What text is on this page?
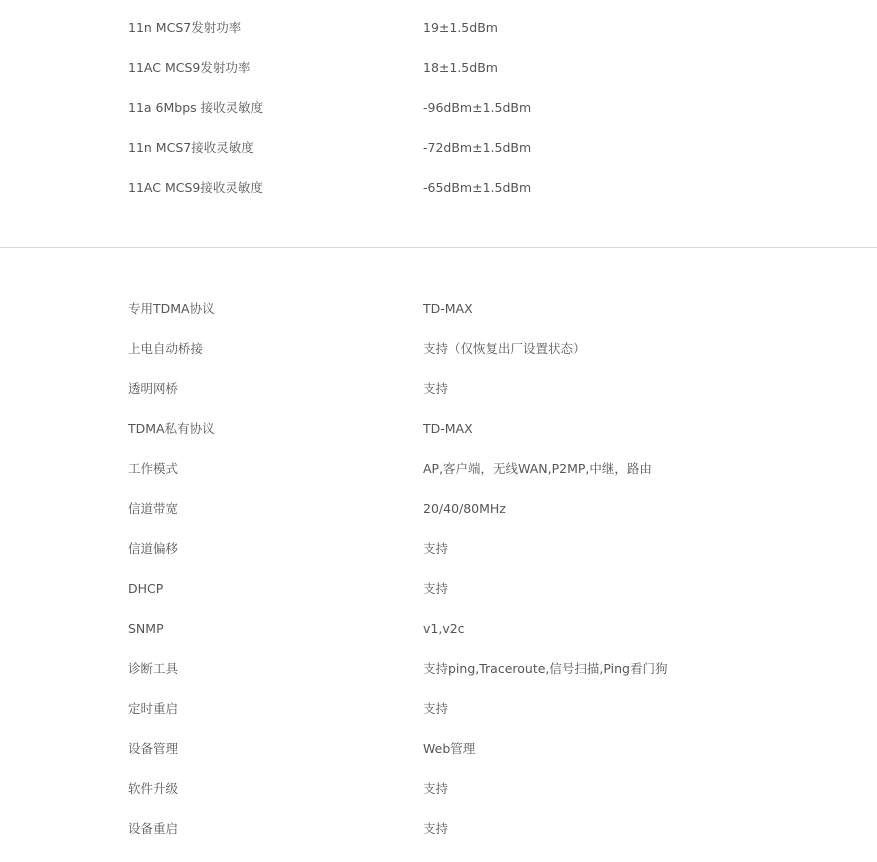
11n MCS7发射功率	19±1.5dBm
11AC MCS9发射功率	18±1.5dBm
11a 6Mbps 接收灵敏度	-96dBm±1.5dBm
11n MCS7接收灵敏度	-72dBm±1.5dBm
11AC MCS9接收灵敏度	-65dBm±1.5dBm
专用TDMA协议	TD-MAX
上电自动桥接	支持（仅恢复出厂设置状态）
透明网桥	支持
TDMA私有协议	TD-MAX
工作模式	AP,客户端，无线WAN,P2MP,中继，路由
信道带宽	20/40/80MHz
信道偏移	支持
DHCP	支持
SNMP	v1,v2c
诊断工具	支持ping,Traceroute,信号扫描,Ping看门狗
定时重启	支持
设备管理	Web管理
软件升级	支持
设备重启	支持
